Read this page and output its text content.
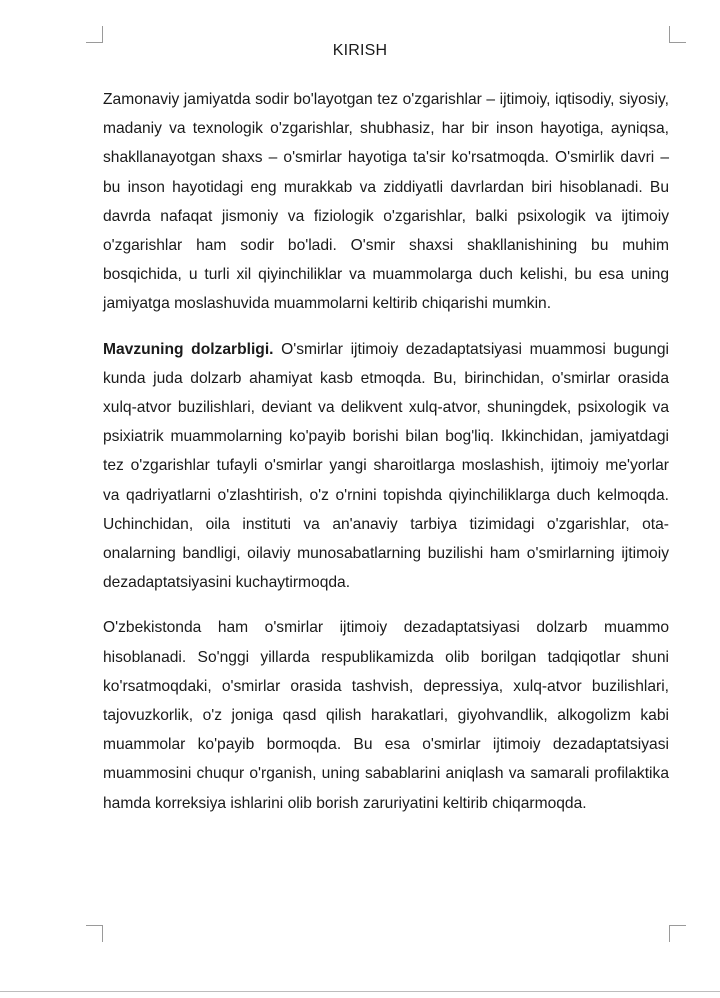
KIRISH

Zamonaviy jamiyatda sodir bo'layotgan tez o'zgarishlar – ijtimoiy, iqtisodiy, siyosiy, madaniy va texnologik o'zgarishlar, shubhasiz, har bir inson hayotiga, ayniqsa, shakllanayotgan shaxs – o'smirlar hayotiga ta'sir ko'rsatmoqda. O'smirlik davri – bu inson hayotidagi eng murakkab va ziddiyatli davrlardan biri hisoblanadi. Bu davrda nafaqat jismoniy va fiziologik o'zgarishlar, balki psixologik va ijtimoiy o'zgarishlar ham sodir bo'ladi. O'smir shaxsi shakllanishining bu muhim bosqichida, u turli xil qiyinchiliklar va muammolarga duch kelishi, bu esa uning jamiyatga moslashuvida muammolarni keltirib chiqarishi mumkin.

Mavzuning dolzarbligi. O'smirlar ijtimoiy dezadaptatsiyasi muammosi bugungi kunda juda dolzarb ahamiyat kasb etmoqda. Bu, birinchidan, o'smirlar orasida xulq-atvor buzilishlari, deviant va delikvent xulq-atvor, shuningdek, psixologik va psixiatrik muammolarning ko'payib borishi bilan bog'liq. Ikkinchidan, jamiyatdagi tez o'zgarishlar tufayli o'smirlar yangi sharoitlarga moslashish, ijtimoiy me'yorlar va qadriyatlarni o'zlashtirish, o'z o'rnini topishda qiyinchiliklarga duch kelmoqda. Uchinchidan, oila instituti va an'anaviy tarbiya tizimidagi o'zgarishlar, ota-onalarning bandligi, oilaviy munosabatlarning buzilishi ham o'smirlarning ijtimoiy dezadaptatsiyasini kuchaytirmoqda.

O'zbekistonda ham o'smirlar ijtimoiy dezadaptatsiyasi dolzarb muammo hisoblanadi. So'nggi yillarda respublikamizda olib borilgan tadqiqotlar shuni ko'rsatmoqdaki, o'smirlar orasida tashvish, depressiya, xulq-atvor buzilishlari, tajovuzkorlik, o'z joniga qasd qilish harakatlari, giyohvandlik, alkogolizm kabi muammolar ko'payib bormoqda. Bu esa o'smirlar ijtimoiy dezadaptatsiyasi muammosini chuqur o'rganish, uning sabablarini aniqlash va samarali profilaktika hamda korreksiya ishlarini olib borish zaruriyatini keltirib chiqarmoqda.
